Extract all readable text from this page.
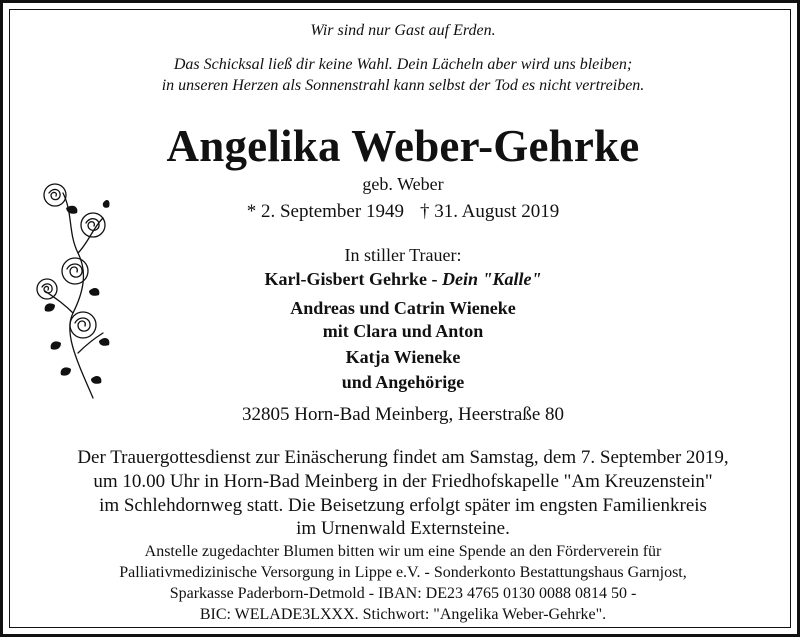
Wir sind nur Gast auf Erden.
Das Schicksal ließ dir keine Wahl. Dein Lächeln aber wird uns bleiben;
in unseren Herzen als Sonnenstrahl kann selbst der Tod es nicht vertreiben.
Angelika Weber-Gehrke
geb. Weber
* 2. September 1949 † 31. August 2019
In stiller Trauer:
Karl-Gisbert Gehrke - Dein "Kalle"
Andreas und Catrin Wieneke
mit Clara und Anton
Katja Wieneke
und Angehörige
32805 Horn-Bad Meinberg, Heerstraße 80
Der Trauergottesdienst zur Einäscherung findet am Samstag, dem 7. September 2019,
um 10.00 Uhr in Horn-Bad Meinberg in der Friedhofskapelle "Am Kreuzenstein"
im Schlehdornweg statt. Die Beisetzung erfolgt später im engsten Familienkreis
im Urnenwald Externsteine.
Anstelle zugedachter Blumen bitten wir um eine Spende an den Förderverein für
Palliativmedizinische Versorgung in Lippe e.V. - Sonderkonto Bestattungshaus Garnjost,
Sparkasse Paderborn-Detmold - IBAN: DE23 4765 0130 0088 0814 50 -
BIC: WELADE3LXXX. Stichwort: "Angelika Weber-Gehrke".
